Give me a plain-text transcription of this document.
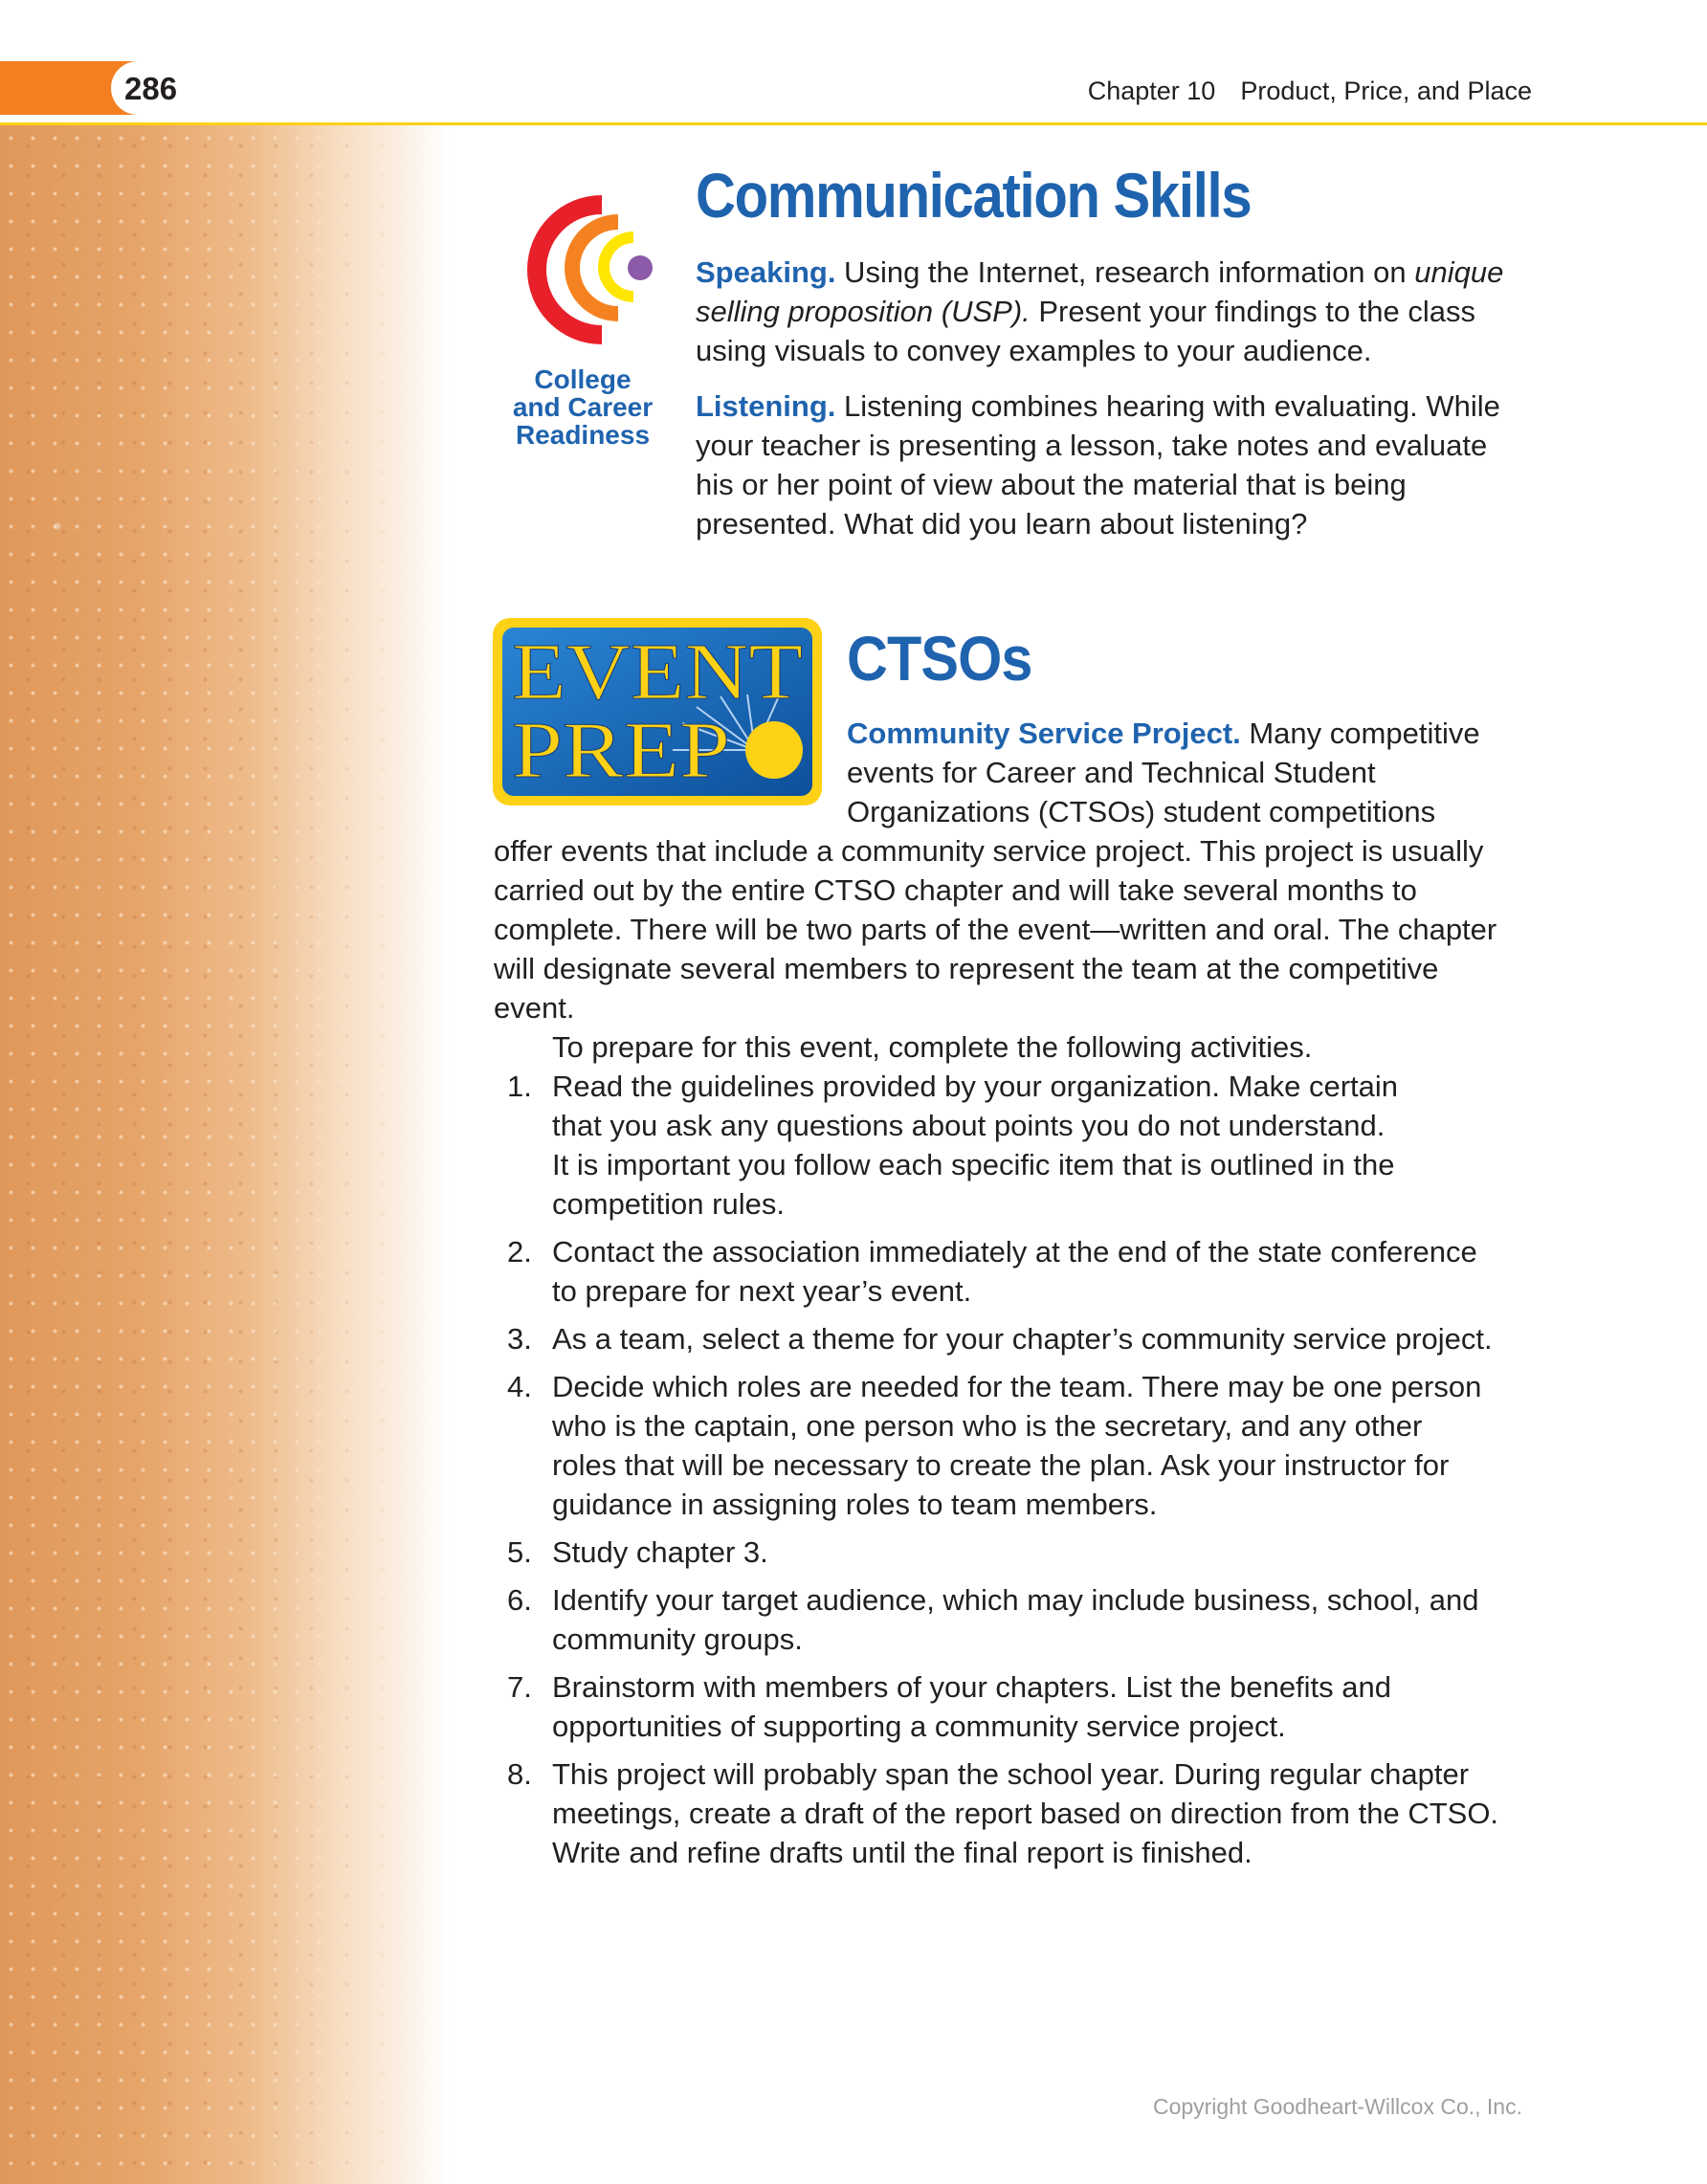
286	Chapter 10 Product, Price, and Place
College
and Career
Readiness
Communication Skills
Speaking. Using the Internet, research information on unique
selling proposition (USP). Present your findings to the class
using visuals to convey examples to your audience.
Listening. Listening combines hearing with evaluating. While
your teacher is presenting a lesson, take notes and evaluate
his or her point of view about the material that is being
presented. What did you learn about listening?
EVENT
PREP
CTSOs
Community Service Project. Many competitive
events for Career and Technical Student
Organizations (CTSOs) student competitions
offer events that include a community service project. This project is usually
carried out by the entire CTSO chapter and will take several months to
complete. There will be two parts of the event—written and oral. The chapter
will designate several members to represent the team at the competitive
event.
To prepare for this event, complete the following activities.
1. Read the guidelines provided by your organization. Make certain
that you ask any questions about points you do not understand.
It is important you follow each specific item that is outlined in the
competition rules.
2. Contact the association immediately at the end of the state conference
to prepare for next year’s event.
3. As a team, select a theme for your chapter’s community service project.
4. Decide which roles are needed for the team. There may be one person
who is the captain, one person who is the secretary, and any other
roles that will be necessary to create the plan. Ask your instructor for
guidance in assigning roles to team members.
5. Study chapter 3.
6. Identify your target audience, which may include business, school, and
community groups.
7. Brainstorm with members of your chapters. List the benefits and
opportunities of supporting a community service project.
8. This project will probably span the school year. During regular chapter
meetings, create a draft of the report based on direction from the CTSO.
Write and refine drafts until the final report is finished.
Copyright Goodheart-Willcox Co., Inc.
